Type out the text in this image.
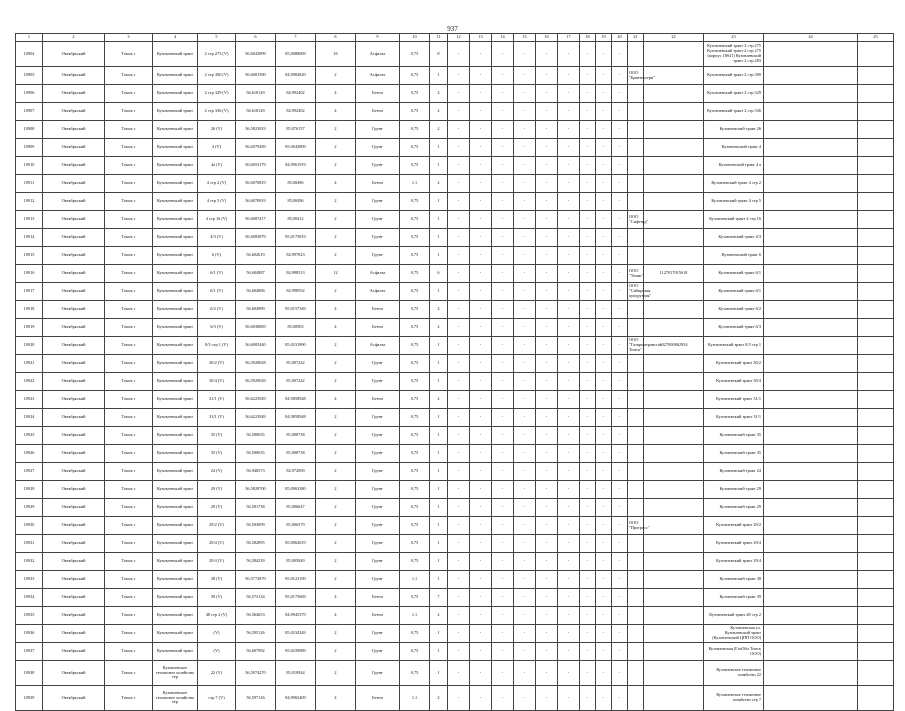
937
1	2	3	4	5	6	7	8	9	10	11	12	13	14	15	16	17	18	19	20	21	22	23	24	25
10904	Октябрьский	Томск г	Кузовлевский тракт	2 стр 275 (V)	56,6043899	85,0088009	16	Асфальт	0,75	8	-	-	-	-	-	-	-	-	-			Кузовлевский тракт 2 стр 275 Кузовлевский тракт 2 стр 275 (корпус 18б41) Кузовлевский тракт 2 стр 283		
10905	Октябрьский	Томск г	Кузовлевский тракт	2 стр 300 (V)	56,6081590	84,9984820	2	Асфальт	0,75	1	-	-	-	-	-	-	-	-	-	ООО "Бравтехсерв"		Кузовлевский тракт 2 стр 300		
10906	Октябрьский	Томск г	Кузовлевский тракт	2 стр 329 (V)	56,618149	84,992402	4	Бетон	0,75	2	-	-	-	-	-	-	-	-	-			Кузовлевский тракт 2 стр 329		
10907	Октябрьский	Томск г	Кузовлевский тракт	2 стр 336 (V)	56,618149	84,992402	4	Бетон	0,75	2	-	-	-	-	-	-	-	-	-			Кузовлевский тракт 2 стр 336		
10908	Октябрьский	Томск г	Кузовлевский тракт	26 (V)	56,5823819	85,076157	2	Грунт	0,75	2	-	-	-	-	-	-	-	-	-			Кузовлевский тракт 26		
10909	Октябрьский	Томск г	Кузовлевский тракт	4 (V)	56,6079289	85,0043809	2	Грунт	0,75	1	-	-	-	-	-	-	-	-	-			Кузовлевский тракт 4		
10910	Октябрьский	Томск г	Кузовлевский тракт	4а (V)	56,6053179	84,9961919	2	Грунт	0,75	1	-	-	-	-	-	-	-	-	-			Кузовлевский тракт 4 а		
10911	Октябрьский	Томск г	Кузовлевский тракт	4 стр 2 (V)	56,6070819	85,00496	4	Бетон	1,1	2	-	-	-	-	-	-	-	-	-			Кузовлевский тракт 4 стр 2		
10912	Октябрьский	Томск г	Кузовлевский тракт	4 стр 5 (V)	56,6070819	85,00496	2	Грунт	0,75	1	-	-	-	-	-	-	-	-	-			Кузовлевский тракт 4 стр 5		
10913	Октябрьский	Томск г	Кузовлевский тракт	4 стр 16 (V)	56,6087417	85,00412	2	Грунт	0,75	1	-	-	-	-	-	-	-	-	-	ООО "Сифтвуд"		Кузовлевский тракт 4 стр 16		
10914	Октябрьский	Томск г	Кузовлевский тракт	4/3 (V)	56,6083879	85,0175819	2	Грунт	0,75	1	-	-	-	-	-	-	-	-	-			Кузовлевский тракт 4/3		
10915	Октябрьский	Томск г	Кузовлевский тракт	6 (V)	56,602619	84,997823	2	Грунт	0,75	1	-	-	-	-	-	-	-	-	-			Кузовлевский тракт 6		
10916	Октябрьский	Томск г	Кузовлевский тракт	6/1 (V)	56,604887	84,998513	12	Асфальт	0,75	6	-	-	-	-	-	-	-	-	-	ООО "Томис"	1127017015618	Кузовлевский тракт 6/1		
10917	Октябрьский	Томск г	Кузовлевский тракт	6/1 (V)	56,604886	84,998592	2	Асфальт	0,75	1	-	-	-	-	-	-	-	-	-	ООО "Сибирская кукурузная"		Кузовлевский тракт 6/1		
10918	Октябрьский	Томск г	Кузовлевский тракт	6/2 (V)	56,604989	85,0157349	4	Бетон	0,75	2	-	-	-	-	-	-	-	-	-			Кузовлевский тракт 6/2		
10919	Октябрьский	Томск г	Кузовлевский тракт	6/3 (V)	56,6038869	85,00903	4	Бетон	0,75	2	-	-	-	-	-	-	-	-	-			Кузовлевский тракт 6/3		
10920	Октябрьский	Томск г	Кузовлевский тракт	8/3 стр 1 (V)	56,6005440	85,0231890	2	Асфальт	0,75	1	-	-	-	-	-	-	-	-	-	ООО "Газпромтрансгаз Томск"	1027000862954	Кузовлевский тракт 8/3 стр 1		
10921	Октябрьский	Томск г	Кузовлевский тракт	30/2 (V)	56,5928028	85,007242	2	Грунт	0,75	1	-	-	-	-	-	-	-	-	-			Кузовлевский тракт 30/2		
10922	Октябрьский	Томск г	Кузовлевский тракт	30/4 (V)	56,5929029	85,007242	2	Грунт	0,75	1	-	-	-	-	-	-	-	-	-			Кузовлевский тракт 30/4		
10923	Октябрьский	Томск г	Кузовлевский тракт	31/1 (V)	56,6223949	84,9858948	4	Бетон	0,75	2	-	-	-	-	-	-	-	-	-			Кузовлевский тракт 31/1		
10924	Октябрьский	Томск г	Кузовлевский тракт	31/1 (V)	56,6223949	84,9858948	2	Грунт	0,75	1	-	-	-	-	-	-	-	-	-			Кузовлевский тракт 31/1		
10925	Октябрьский	Томск г	Кузовлевский тракт	35 (V)	56,580635	85,008738	2	Грунт	0,75	1	-	-	-	-	-	-	-	-	-			Кузовлевский тракт 35		
10926	Октябрьский	Томск г	Кузовлевский тракт	35 (V)	56,580635	85,008738	2	Грунт	0,75	1	-	-	-	-	-	-	-	-	-			Кузовлевский тракт 35		
10927	Октябрьский	Томск г	Кузовлевский тракт	24 (V)	56,948373	84,972009	2	Грунт	0,75	1	-	-	-	-	-	-	-	-	-			Кузовлевский тракт 24		
10928	Октябрьский	Томск г	Кузовлевский тракт	29 (V)	56,5828700	85,0063380	2	Грунт	0,75	1	-	-	-	-	-	-	-	-	-			Кузовлевский тракт 29		
10929	Октябрьский	Томск г	Кузовлевский тракт	29 (V)	56,581738	85,006647	2	Грунт	0,75	1	-	-	-	-	-	-	-	-	-			Кузовлевский тракт 29		
10930	Октябрьский	Томск г	Кузовлевский тракт	29/2 (V)	56,583899	85,006379	2	Грунт	0,75	1	-	-	-	-	-	-	-	-	-	ООО "Прогресс"		Кузовлевский тракт 29/2		
10931	Октябрьский	Томск г	Кузовлевский тракт	29/4 (V)	56,582895	85,0062619	2	Грунт	0,75	1	-	-	-	-	-	-	-	-	-			Кузовлевский тракт 29/4		
10932	Октябрьский	Томск г	Кузовлевский тракт	29/4 (V)	56,584239	85,005849	2	Грунт	0,75	1	-	-	-	-	-	-	-	-	-			Кузовлевский тракт 29/4		
10933	Октябрьский	Томск г	Кузовлевский тракт	38 (V)	56,5772870	85,0122190	2	Грунт	1,1	1	-	-	-	-	-	-	-	-	-			Кузовлевский тракт 38		
10934	Октябрьский	Томск г	Кузовлевский тракт	39 (V)	56,573134	85,0175669	4	Бетон	0,75	7	-	-	-	-	-	-	-	-	-			Кузовлевский тракт 39		
10935	Октябрьский	Томск г	Кузовлевский тракт	48 стр 2 (V)	56,564653	84,9945379	4	Бетон	1,1	2	-	-	-	-	-	-	-	-	-			Кузовлевский тракт 48 стр 2		
10936	Октябрьский	Томск г	Кузовлевский тракт	(V)	56,595126	85,0234349	2	Грунт	0,75	1	-	-	-	-	-	-	-	-	-			Кузовлевская ул. Кузовлевский тракт (Кузовлевский ЦПП ООО)		
10937	Октябрьский	Томск г	Кузовлевский тракт	(V)	56,607982	85,0239089	2	Грунт	0,75	1	-	-	-	-	-	-	-	-	-			Кузовлевская (ГазОйл Томск ООО)		
10938	Октябрьский	Томск г	Кузовлевское тепличное хозяйство тер	22 (V)	56,5974270	85,010944	2	Грунт	0,75	1	-	-	-	-	-	-	-	-	-			Кузовлевское тепличное хозяйство 22		
10939	Октябрьский	Томск г	Кузовлевское тепличное хозяйство тер	стр 7 (V)	56,597126	84,9965409	4	Бетон	1,1	2	-	-	-	-	-	-	-	-	-			Кузовлевское тепличное хозяйство стр 7		
